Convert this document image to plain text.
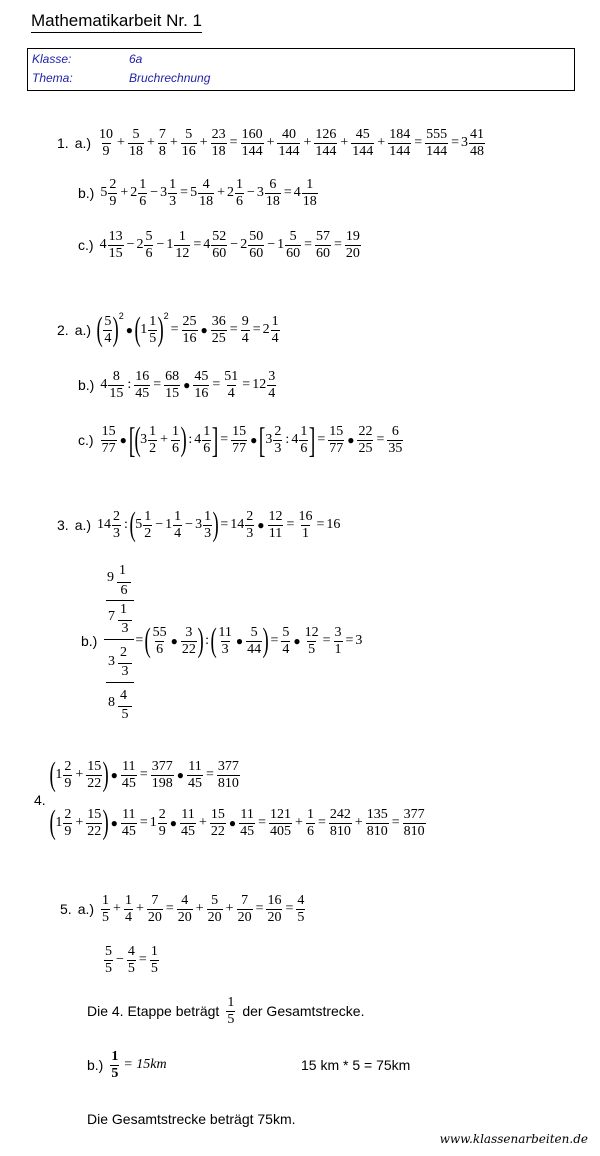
Mathematikarbeit Nr. 1
Klasse:	6a
Thema:	Bruchrechnung
1. $a.) \frac{10}{9} + \frac{5}{18} + \frac{7}{8} + \frac{5}{16} + \frac{23}{18} = \frac{160}{144} + \frac{40}{144} + \frac{126}{144} + \frac{45}{144} + \frac{184}{144} = \frac{555}{144} = 3 \frac{41}{48}$
b.) $5 \frac{2}{9} + 2 \frac{1}{6} - 3 \frac{1}{3} = 5 \frac{4}{18} + 2 \frac{1}{6} - 3 \frac{6}{18} = 4 \frac{1}{18}$
c.) $4 \frac{13}{15} - 2 \frac{5}{6} - 1 \frac{1}{12} = 4 \frac{52}{60} - 2 \frac{50}{60} - 1 \frac{5}{60} = \frac{57}{60} = \frac{19}{20}$
2. a.) ( $\frac{5}{4}$ ) 2
● ( $1 \frac{1}{5}$ ) 2
= $\frac{25}{16}$ ● $\frac{36}{25} = \frac{9}{4} = 2 \frac{1}{4}$
b.) $4 \frac{8}{15}$ : $\frac{16}{45} = \frac{68}{15}$ ● $\frac{45}{16} = \frac{51}{4} = 12 \frac{3}{4}$
$c.) \frac{15}{77}$ ● [ ( $3 \frac{1}{2} + \frac{1}{6}$ ) : $4 \frac{1}{6}$ ] = $\frac{15}{77}$ ● [ $3 \frac{2}{3}$ : $4 \frac{1}{6}$ ] = $\frac{15}{77}$ ● $\frac{22}{25} = \frac{6}{35}$
3. a.) $14 \frac{2}{3}$ : ( $5 \frac{1}{2} - 1 \frac{1}{4} - 3 \frac{1}{3}$ ) = $14 \frac{2}{3}$ ● $\frac{12}{11} = \frac{16}{1} = 16$
9 1
6
7 1
3
3
2
3
8 4
5
b.)	= ( $\frac{55}{6}$ ● $\frac{3}{22}$ ) : ( $\frac{11}{3}$ ● $\frac{5}{44}$ ) = $\frac{5}{4}$ ● $\frac{12}{5} = \frac{3}{1} = 3$
4.
( $1 \frac{2}{9} + \frac{15}{22}$ ) ● $\frac{11}{45} = \frac{377}{198}$ ● $\frac{11}{45} = \frac{377}{810}$
( $1 \frac{2}{9} + \frac{15}{22}$ ) ● $\frac{11}{45} = 1 \frac{2}{9}$ ● $\frac{11}{45} + \frac{15}{22}$ ● $\frac{11}{45} = \frac{121}{405} + \frac{1}{6} = \frac{242}{810} + \frac{135}{810} = \frac{377}{810}$
5. $a.) \frac{1}{5} + \frac{1}{4} + \frac{7}{20} = \frac{4}{20} + \frac{5}{20} + \frac{7}{20} = \frac{16}{20} = \frac{4}{5}$
$\frac{5}{5} - \frac{4}{5} = \frac{1}{5}$
Die 4. Etappe beträgt $\frac{1}{5}$ der Gesamtstrecke.
$b.) \frac{1}{5} = 15km$	15 km * 5 = 75km
Die Gesamtstrecke beträgt 75km.
www.klassenarbeiten.de
